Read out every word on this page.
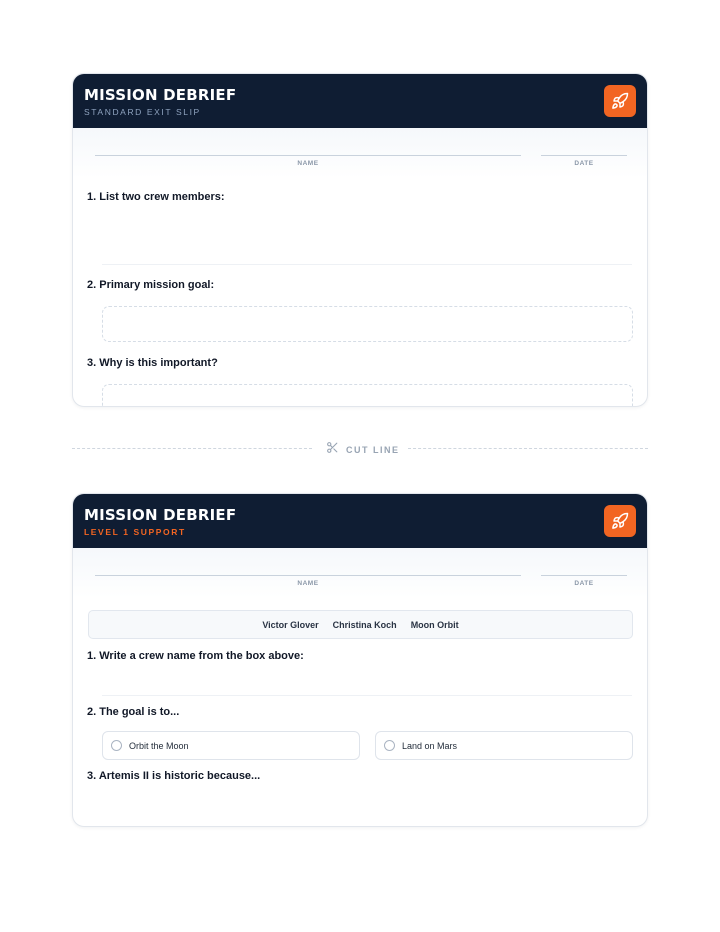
MISSION DEBRIEF
STANDARD EXIT SLIP
NAME	DATE
1. List two crew members:
2. Primary mission goal:
3. Why is this important?
CUT LINE
MISSION DEBRIEF
LEVEL 1 SUPPORT
NAME	DATE
Victor Glover Christina Koch Moon Orbit
1. Write a crew name from the box above:
2. The goal is to...
Orbit the Moon	Land on Mars
3. Artemis II is historic because...
